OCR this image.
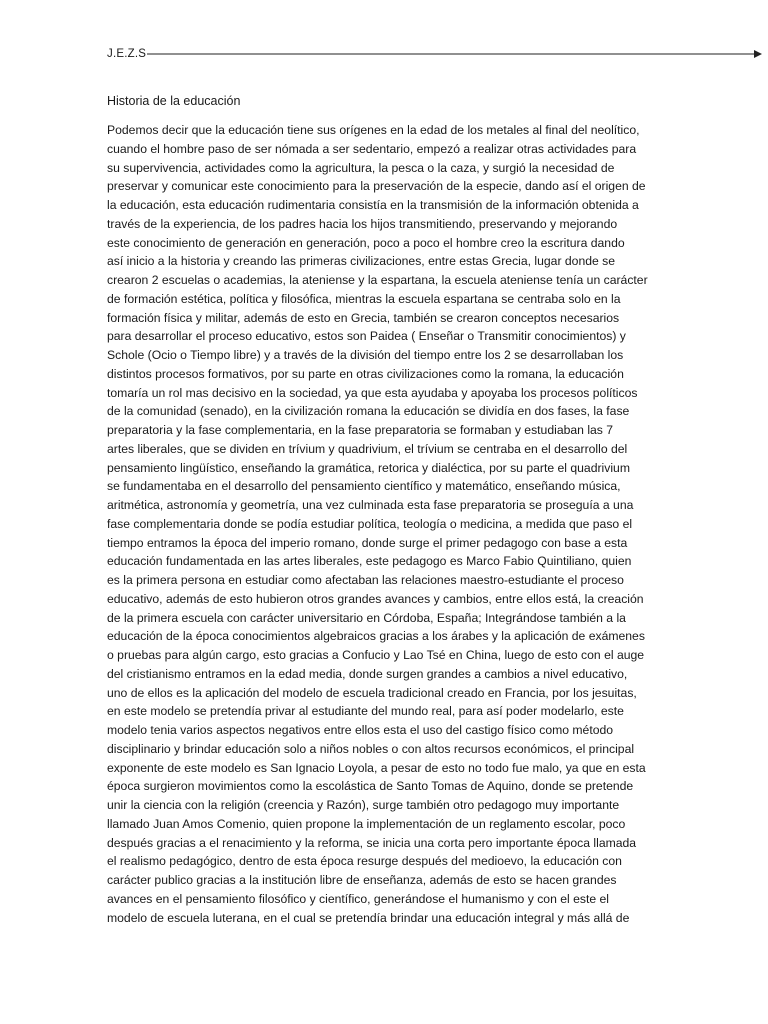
J.E.Z.S
Historia de la educación

Podemos decir que la educación tiene sus orígenes en la edad de los metales al final del neolítico,
cuando el hombre paso de ser nómada a ser sedentario, empezó a realizar otras actividades para
su supervivencia, actividades como la agricultura, la pesca o la caza, y surgió la necesidad de
preservar y comunicar este conocimiento para la preservación de la especie, dando así el origen de
la educación, esta educación rudimentaria consistía en la transmisión de la información obtenida a
través de la experiencia, de los padres hacia los hijos transmitiendo, preservando y mejorando
este conocimiento de generación en generación, poco a poco el hombre creo la escritura dando
así inicio a la historia y creando las primeras civilizaciones, entre estas Grecia, lugar donde se
crearon 2 escuelas o academias, la ateniense y la espartana, la escuela ateniense tenía un carácter
de formación estética, política y filosófica, mientras la escuela espartana se centraba solo en la
formación física y militar, además de esto en Grecia, también se crearon conceptos necesarios
para desarrollar el proceso educativo, estos son Paidea ( Enseñar o Transmitir conocimientos) y
Schole (Ocio o Tiempo libre) y a través de la división del tiempo entre los 2 se desarrollaban los
distintos procesos formativos, por su parte en otras civilizaciones como la romana, la educación
tomaría un rol mas decisivo en la sociedad, ya que esta ayudaba y apoyaba los procesos políticos
de la comunidad (senado), en la civilización romana la educación se dividía en dos fases, la fase
preparatoria y la fase complementaria, en la fase preparatoria se formaban y estudiaban las 7
artes liberales, que se dividen en trívium y quadrivium, el trívium se centraba en el desarrollo del
pensamiento lingüístico, enseñando la gramática, retorica y dialéctica, por su parte el quadrivium
se fundamentaba en el desarrollo del pensamiento científico y matemático, enseñando música,
aritmética, astronomía y geometría, una vez culminada esta fase preparatoria se proseguía a una
fase complementaria donde se podía estudiar política, teología o medicina, a medida que paso el
tiempo entramos la época del imperio romano, donde surge el primer pedagogo con base a esta
educación fundamentada en las artes liberales, este pedagogo es Marco Fabio Quintiliano, quien
es la primera persona en estudiar como afectaban las relaciones maestro-estudiante el proceso
educativo, además de esto hubieron otros grandes avances y cambios, entre ellos está, la creación
de la primera escuela con carácter universitario en Córdoba, España; Integrándose también a la
educación de la época conocimientos algebraicos gracias a los árabes y la aplicación de exámenes
o pruebas para algún cargo, esto gracias a Confucio y Lao Tsé en China, luego de esto con el auge
del cristianismo entramos en la edad media, donde surgen grandes a cambios a nivel educativo,
uno de ellos es la aplicación del modelo de escuela tradicional creado en Francia, por los jesuitas,
en este modelo se pretendía privar al estudiante del mundo real, para así poder modelarlo, este
modelo tenia varios aspectos negativos entre ellos esta el uso del castigo físico como método
disciplinario y brindar educación solo a niños nobles o con altos recursos económicos, el principal
exponente de este modelo es San Ignacio Loyola, a pesar de esto no todo fue malo, ya que en esta
época surgieron movimientos como la escolástica de Santo Tomas de Aquino, donde se pretende
unir la ciencia con la religión (creencia y Razón), surge también otro pedagogo muy importante
llamado Juan Amos Comenio, quien propone la implementación de un reglamento escolar, poco
después gracias a el renacimiento y la reforma, se inicia una corta pero importante época llamada
el realismo pedagógico, dentro de esta época resurge después del medioevo, la educación con
carácter publico gracias a la institución libre de enseñanza, además de esto se hacen grandes
avances en el pensamiento filosófico y científico, generándose el humanismo y con el este el
modelo de escuela luterana, en el cual se pretendía brindar una educación integral y más allá de
